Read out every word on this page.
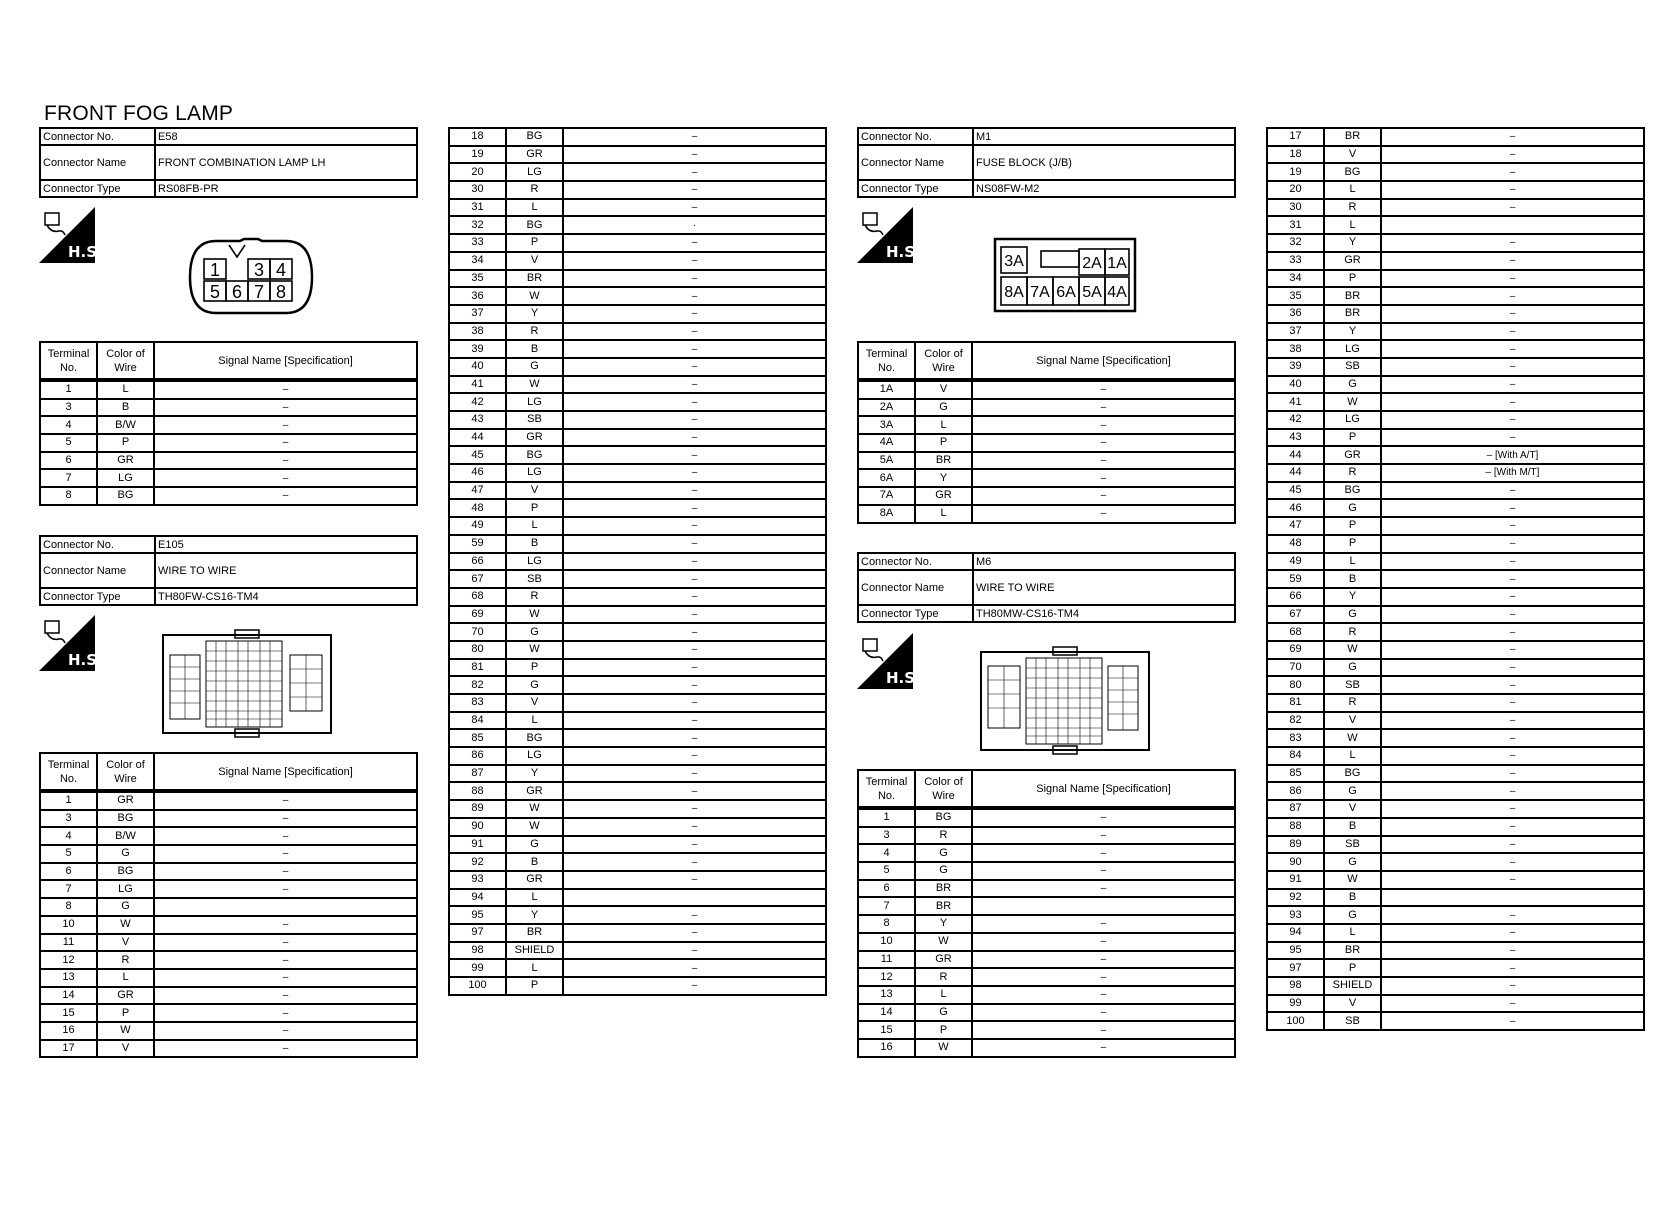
FRONT FOG LAMP
Connector No.	E58
Connector Name	FRONT COMBINATION LAMP LH
Connector Type	RS08FB-PR
H.S.
1 3 4
5 6 7 8
Terminal No.	Color of Wire	Signal Name [Specification]
1	L	–
3	B	–
4	B/W	–
5	P	–
6	GR	–
7	LG	–
8	BG	–
Connector No.	E105
Connector Name	WIRE TO WIRE
Connector Type	TH80FW-CS16-TM4
H.S.
Terminal No.	Color of Wire	Signal Name [Specification]
1	GR	–
3	BG	–
4	B/W	–
5	G	–
6	BG	–
7	LG	–
8	G	
10	W	–
11	V	–
12	R	–
13	L	–
14	GR	–
15	P	–
16	W	–
17	V	–
18	BG	–
19	GR	–
20	LG	–
30	R	–
31	L	–
32	BG	·
33	P	–
34	V	–
35	BR	–
36	W	–
37	Y	–
38	R	–
39	B	–
40	G	–
41	W	–
42	LG	–
43	SB	–
44	GR	–
45	BG	–
46	LG	–
47	V	–
48	P	–
49	L	–
59	B	–
66	LG	–
67	SB	–
68	R	–
69	W	–
70	G	–
80	W	–
81	P	–
82	G	–
83	V	–
84	L	–
85	BG	–
86	LG	–
87	Y	–
88	GR	–
89	W	–
90	W	–
91	G	–
92	B	–
93	GR	–
94	L	
95	Y	–
97	BR	–
98	SHIELD	–
99	L	–
100	P	–
Connector No.	M1
Connector Name	FUSE BLOCK (J/B)
Connector Type	NS08FW-M2
H.S.
3A	2A 1A
8A 7A 6A 5A 4A
Terminal No.	Color of Wire	Signal Name [Specification]
1A	V	–
2A	G	–
3A	L	–
4A	P	–
5A	BR	–
6A	Y	–
7A	GR	–
8A	L	–
Connector No.	M6
Connector Name	WIRE TO WIRE
Connector Type	TH80MW-CS16-TM4
H.S.
Terminal No.	Color of Wire	Signal Name [Specification]
1	BG	–
3	R	–
4	G	–
5	G	–
6	BR	–
7	BR	
8	Y	–
10	W	–
11	GR	–
12	R	–
13	L	–
14	G	–
15	P	–
16	W	–
17	BR	–
18	V	–
19	BG	–
20	L	–
30	R	–
31	L	
32	Y	–
33	GR	–
34	P	–
35	BR	–
36	BR	–
37	Y	–
38	LG	–
39	SB	–
40	G	–
41	W	–
42	LG	–
43	P	–
44	GR	– [With A/T]
44	R	– [With M/T]
45	BG	–
46	G	–
47	P	–
48	P	–
49	L	–
59	B	–
66	Y	–
67	G	–
68	R	–
69	W	–
70	G	–
80	SB	–
81	R	–
82	V	–
83	W	–
84	L	–
85	BG	–
86	G	–
87	V	–
88	B	–
89	SB	–
90	G	–
91	W	–
92	B	
93	G	–
94	L	–
95	BR	–
97	P	–
98	SHIELD	–
99	V	–
100	SB	–
